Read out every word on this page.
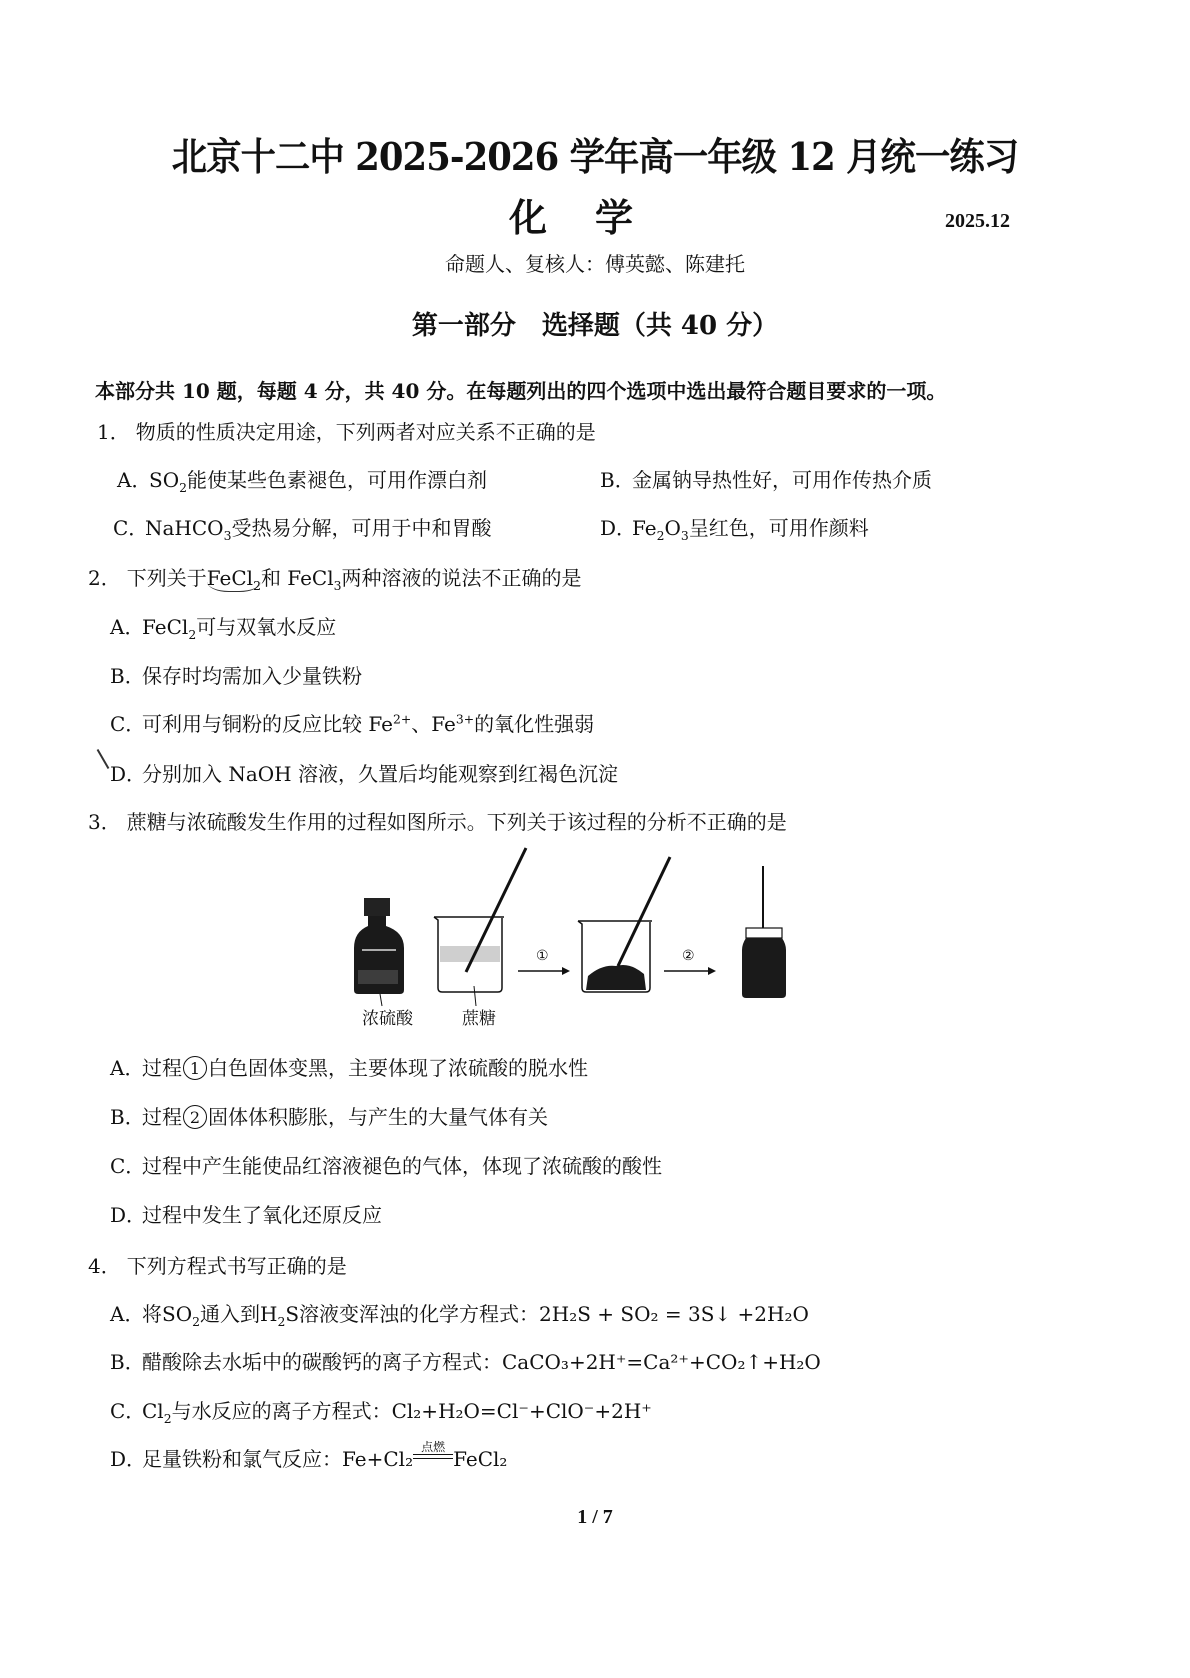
北京十二中 2025-2026 学年高一年级 12 月统一练习
化学	2025.12
命题人、复核人：傅英懿、陈建托
第一部分 选择题（共 40 分）
本部分共 10 题，每题 4 分，共 40 分。在每题列出的四个选项中选出最符合题目要求的一项。
1． 物质的性质决定用途，下列两者对应关系不正确的是
A．$SO_2$能使某些色素褪色，可用作漂白剂	B．金属钠导热性好，可用作传热介质
C．NaHCO$_3$受热易分解，可用于中和胃酸	D．$Fe_2O_3$呈红色，可用作颜料
2． 下列关于FeCl$_2$和 FeCl$_3$两种溶液的说法不正确的是
A．FeCl$_2$可与双氧水反应
B．保存时均需加入少量铁粉
C．可利用与铜粉的反应比较 $Fe^{2+}$、$Fe^{3+}$的氧化性强弱
D．分别加入 NaOH 溶液，久置后均能观察到红褐色沉淀
3． 蔗糖与浓硫酸发生作用的过程如图所示。下列关于该过程的分析不正确的是
浓硫酸	蔗糖
①	②
A．过程 1 白色固体变黑，主要体现了浓硫酸的脱水性
B．过程 2 固体体积膨胀，与产生的大量气体有关
C．过程中产生能使品红溶液褪色的气体，体现了浓硫酸的酸性
D．过程中发生了氧化还原反应
4． 下列方程式书写正确的是
A．将$SO_2$通入到$H_2S$溶液变浑浊的化学方程式：2H₂S + SO₂ = 3S↓ +2H₂O
B．醋酸除去水垢中的碳酸钙的离子方程式：CaCO₃+2H⁺=Ca²⁺+CO₂↑+H₂O
C．$Cl_2$与水反应的离子方程式：Cl₂+H₂O=Cl⁻+ClO⁻+2H⁺
D．足量铁粉和氯气反应：Fe+Cl₂ 点燃 FeCl₂
1 / 7
